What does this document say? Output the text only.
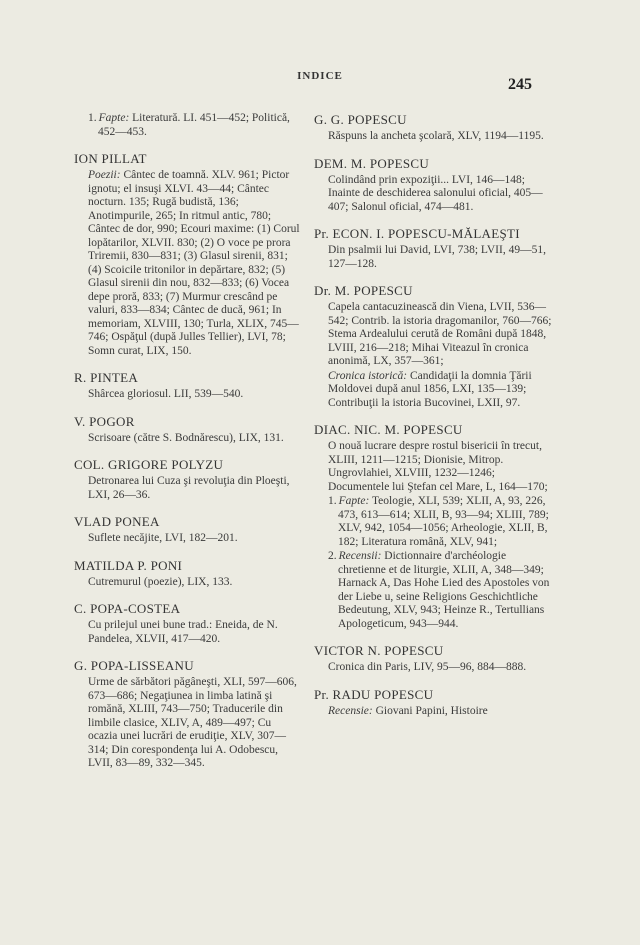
INDICE	245
1. Fapte: Literatură. LI. 451—452; Politică, 452—453.
ION PILLAT
Poezii: Cântec de toamnă. XLV. 961; Pictor ignotu; el insuşi XLVI. 43—44; Cântec nocturn. 135; Rugă budistă, 136; Anotimpurile, 265; In ritmul antic, 780; Cântec de dor, 990; Ecouri maxime: (1) Corul lopătarilor, XLVII. 830; (2) O voce pe prora Triremii, 830—831; (3) Glasul sirenii, 831; (4) Scoicile tritonilor in depărtare, 832; (5) Glasul sirenii din nou, 832—833; (6) Vocea depe proră, 833; (7) Murmur crescând pe valuri, 833—834; Cântec de ducă, 961; In memoriam, XLVIII, 130; Turla, XLIX, 745—746; Ospăţul (după Julles Tellier), LVI, 78; Somn curat, LIX, 150.
R. PINTEA
Shârcea gloriosul. LII, 539—540.
V. POGOR
Scrisoare (către S. Bodnărescu), LIX, 131.
COL. GRIGORE POLYZU
Detronarea lui Cuza şi revoluţia din Ploeşti, LXI, 26—36.
VLAD PONEA
Suflete necăjite, LVI, 182—201.
MATILDA P. PONI
Cutremurul (poezie), LIX, 133.
C. POPA-COSTEA
Cu prilejul unei bune trad.: Eneida, de N. Pandelea, XLVII, 417—420.
G. POPA-LISSEANU
Urme de sărbători păgâneşti, XLI, 597—606, 673—686; Negaţiunea in limba latină şi romănă, XLIII, 743—750; Traducerile din limbile clasice, XLIV, A, 489—497; Cu ocazia unei lucrări de erudiţie, XLV, 307—314; Din corespondenţa lui A. Odobescu, LVII, 83—89, 332—345.
G. G. POPESCU
Răspuns la ancheta şcolară, XLV, 1194—1195.
DEM. M. POPESCU
Colindând prin expoziţii... LVI, 146—148; Inainte de deschiderea salonului oficial, 405—407; Salonul oficial, 474—481.
Pr. ECON. I. POPESCU-MĂLAEŞTI
Din psalmii lui David, LVI, 738; LVII, 49—51, 127—128.
Dr. M. POPESCU
Capela cantacuzinească din Viena, LVII, 536—542; Contrib. la istoria dragomanilor, 760—766; Stema Ardealului cerută de Români după 1848, LVIII, 216—218; Mihai Viteazul în cronica anonimă, LX, 357—361;
Cronica istorică: Candidaţii la domnia Ţării Moldovei după anul 1856, LXI, 135—139; Contribuţii la istoria Bucovinei, LXII, 97.
DIAC. NIC. M. POPESCU
O nouă lucrare despre rostul bisericii în trecut, XLIII, 1211—1215; Dionisie, Mitrop. Ungrovlahiei, XLVIII, 1232—1246; Documentele lui Ştefan cel Mare, L, 164—170;
1. Fapte: Teologie, XLI, 539; XLII, A, 93, 226, 473, 613—614; XLII, B, 93—94; XLIII, 789; XLV, 942, 1054—1056; Arheologie, XLII, B, 182; Literatura română, XLV, 941;
2. Recensii: Dictionnaire d'archéologie chretienne et de liturgie, XLII, A, 348—349; Harnack A, Das Hohe Lied des Apostoles von der Liebe u, seine Religions Geschichtliche Bedeutung, XLV, 943; Heinze R., Tertullians Apologeticum, 943—944.
VICTOR N. POPESCU
Cronica din Paris, LIV, 95—96, 884—888.
Pr. RADU POPESCU
Recensie: Giovani Papini, Histoire
